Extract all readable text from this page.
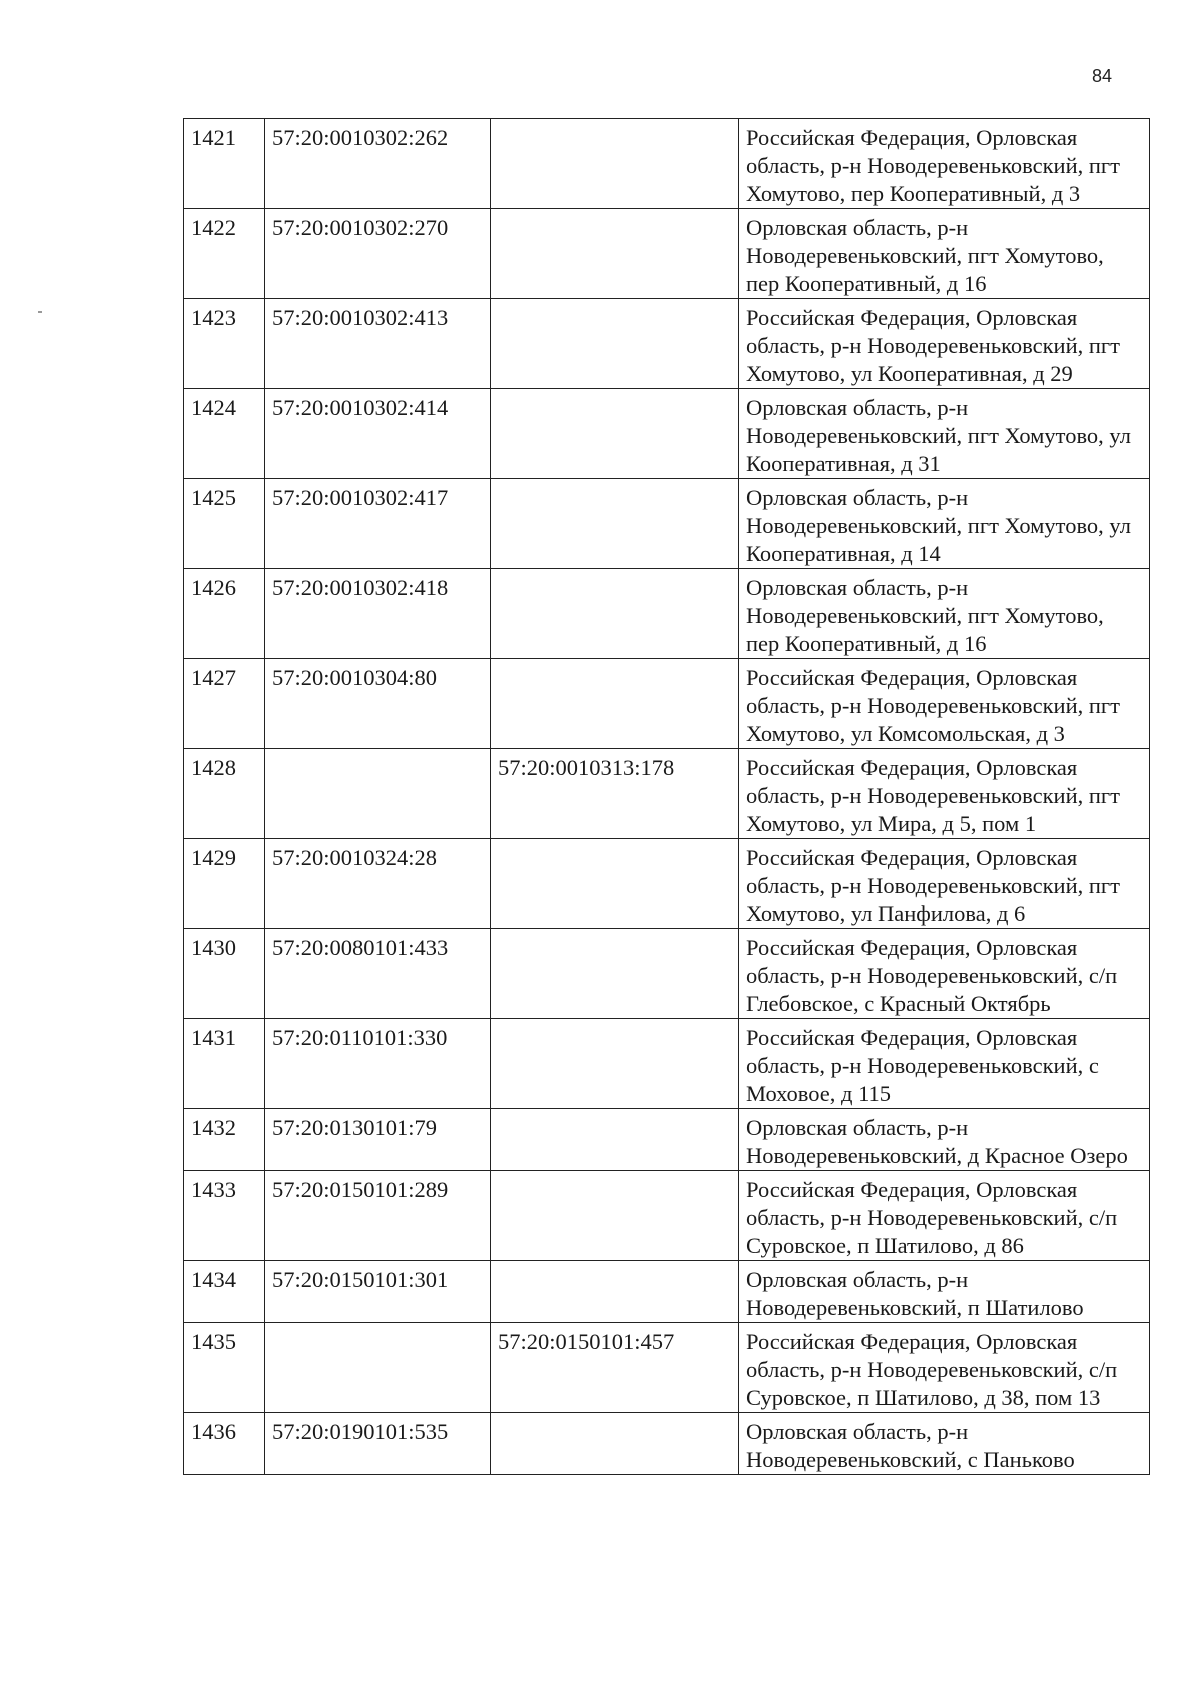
84
1421	57:20:0010302:262		Российская Федерация, Орловская область, р-н Новодеревеньковский, пгт Хомутово, пер Кооперативный, д 3
1422	57:20:0010302:270		Орловская область, р-н Новодеревеньковский, пгт Хомутово, пер Кооперативный, д 16
1423	57:20:0010302:413		Российская Федерация, Орловская область, р-н Новодеревеньковский, пгт Хомутово, ул Кооперативная, д 29
1424	57:20:0010302:414		Орловская область, р-н Новодеревеньковский, пгт Хомутово, ул Кооперативная, д 31
1425	57:20:0010302:417		Орловская область, р-н Новодеревеньковский, пгт Хомутово, ул Кооперативная, д 14
1426	57:20:0010302:418		Орловская область, р-н Новодеревеньковский, пгт Хомутово, пер Кооперативный, д 16
1427	57:20:0010304:80		Российская Федерация, Орловская область, р-н Новодеревеньковский, пгт Хомутово, ул Комсомольская, д 3
1428		57:20:0010313:178	Российская Федерация, Орловская область, р-н Новодеревеньковский, пгт Хомутово, ул Мира, д 5, пом 1
1429	57:20:0010324:28		Российская Федерация, Орловская область, р-н Новодеревеньковский, пгт Хомутово, ул Панфилова, д 6
1430	57:20:0080101:433		Российская Федерация, Орловская область, р-н Новодеревеньковский, с/п Глебовское, с Красный Октябрь
1431	57:20:0110101:330		Российская Федерация, Орловская область, р-н Новодеревеньковский, с Моховое, д 115
1432	57:20:0130101:79		Орловская область, р-н Новодеревеньковский, д Красное Озеро
1433	57:20:0150101:289		Российская Федерация, Орловская область, р-н Новодеревеньковский, с/п Суровское, п Шатилово, д 86
1434	57:20:0150101:301		Орловская область, р-н Новодеревеньковский, п Шатилово
1435		57:20:0150101:457	Российская Федерация, Орловская область, р-н Новодеревеньковский, с/п Суровское, п Шатилово, д 38, пом 13
1436	57:20:0190101:535		Орловская область, р-н Новодеревеньковский, с Паньково
